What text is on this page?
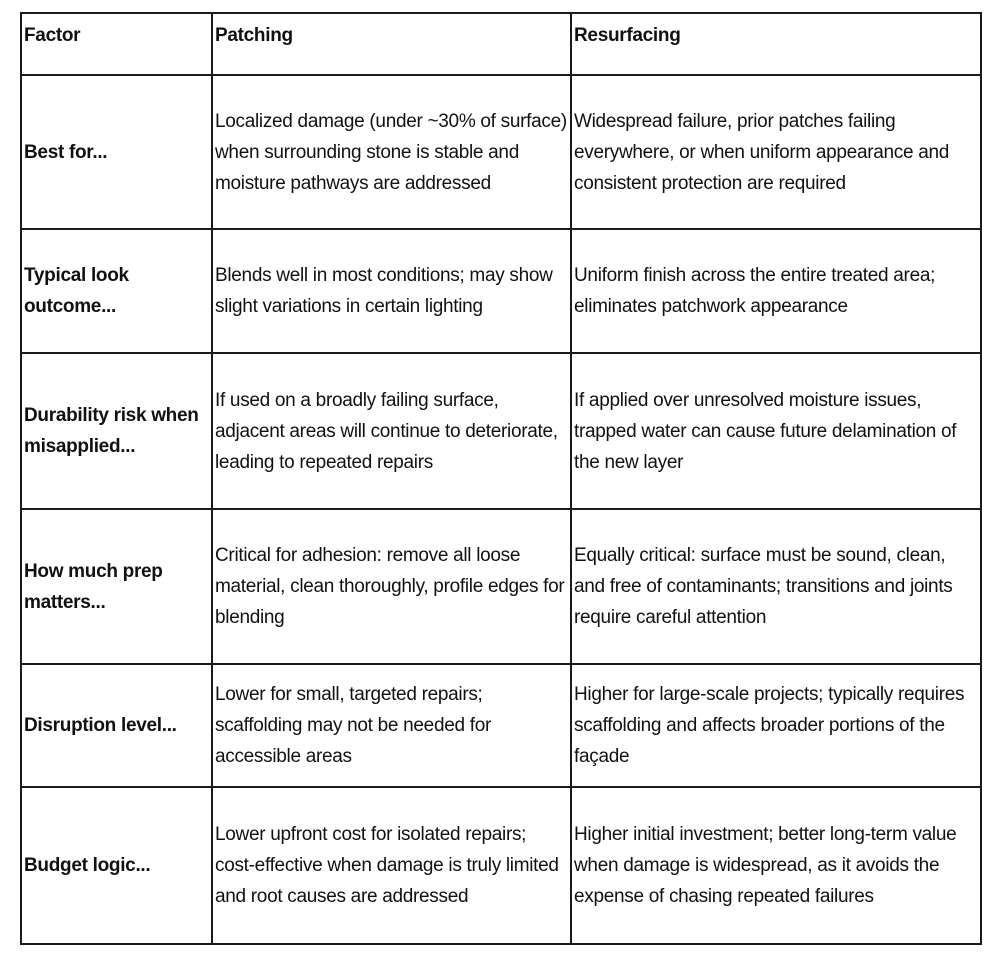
Factor	Patching	Resurfacing
Best for...	Localized damage (under ~30% of surface) when surrounding stone is stable and moisture pathways are addressed	Widespread failure, prior patches failing everywhere, or when uniform appearance and consistent protection are required
Typical look outcome...	Blends well in most conditions; may show slight variations in certain lighting	Uniform finish across the entire treated area; eliminates patchwork appearance
Durability risk when misapplied...	If used on a broadly failing surface, adjacent areas will continue to deteriorate, leading to repeated repairs	If applied over unresolved moisture issues, trapped water can cause future delamination of the new layer
How much prep matters...	Critical for adhesion: remove all loose material, clean thoroughly, profile edges for blending	Equally critical: surface must be sound, clean, and free of contaminants; transitions and joints require careful attention
Disruption level...	Lower for small, targeted repairs; scaffolding may not be needed for accessible areas	Higher for large-scale projects; typically requires scaffolding and affects broader portions of the façade
Budget logic...	Lower upfront cost for isolated repairs; cost-effective when damage is truly limited and root causes are addressed	Higher initial investment; better long-term value when damage is widespread, as it avoids the expense of chasing repeated failures
